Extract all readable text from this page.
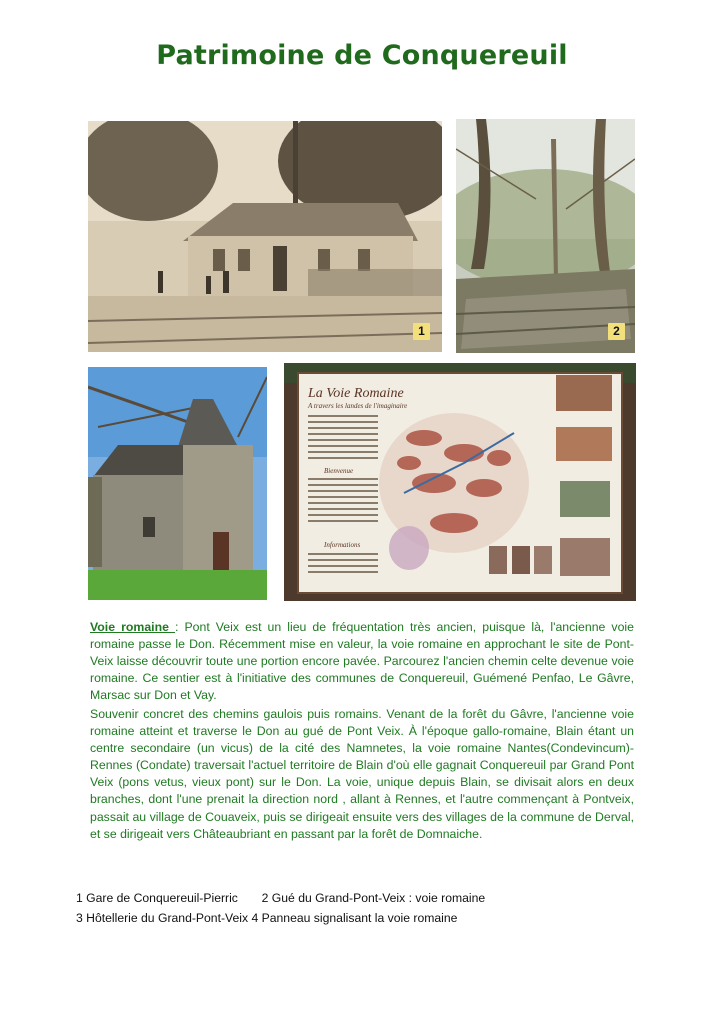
Patrimoine de Conquereuil
1	2
La Voie Romaine
A travers les landes de l'imaginaire
Bienvenue
Informations
Voie romaine : Pont Veix est un lieu de fréquentation très ancien, puisque là, l'ancienne voie romaine passe le Don. Récemment mise en valeur, la voie romaine en approchant le site de Pont-Veix laisse découvrir toute une portion encore pavée. Parcourez l'ancien chemin celte devenue voie romaine. Ce sentier est à l'initiative des communes de Conquereuil, Guémené Penfao, Le Gâvre, Marsac sur Don et Vay.
Souvenir concret des chemins gaulois puis romains. Venant de la forêt du Gâvre, l'ancienne voie romaine atteint et traverse le Don au gué de Pont Veix. À l'époque gallo-romaine, Blain étant un centre secondaire (un vicus) de la cité des Namnetes, la voie romaine Nantes(Condevincum)-Rennes (Condate) traversait l'actuel territoire de Blain d'où elle gagnait Conquereuil par Grand Pont Veix (pons vetus, vieux pont) sur le Don. La voie, unique depuis Blain, se divisait alors en deux branches, dont l'une prenait la direction nord , allant à Rennes, et l'autre commençant à Pontveix, passait au village de Couaveix, puis se dirigeait ensuite vers des villages de la commune de Derval, et se dirigeait vers Châteaubriant en passant par la forêt de Domnaiche.
1 Gare de Conquereuil-Pierric       2 Gué du Grand-Pont-Veix : voie romaine
3 Hôtellerie du Grand-Pont-Veix 4 Panneau signalisant la voie romaine
